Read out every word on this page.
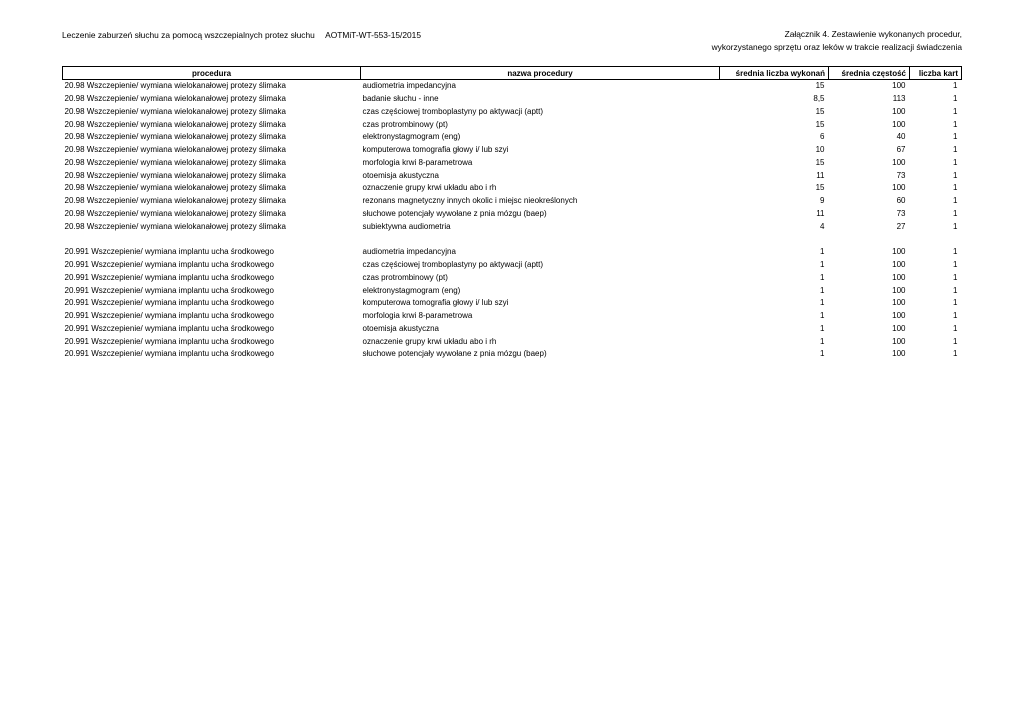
Leczenie zaburzeń słuchu za pomocą wszczepialnych protez słuchu AOTMiT-WT-553-15/2015	Załącznik 4. Zestawienie wykonanych procedur,
wykorzystanego sprzętu oraz leków w trakcie realizacji świadczenia
procedura	nazwa procedury	średnia liczba wykonań	średnia częstość	liczba kart
20.98 Wszczepienie/ wymiana wielokanałowej protezy ślimaka	audiometria impedancyjna	15	100	1
20.98 Wszczepienie/ wymiana wielokanałowej protezy ślimaka	badanie słuchu - inne	8,5	113	1
20.98 Wszczepienie/ wymiana wielokanałowej protezy ślimaka	czas częściowej tromboplastyny po aktywacji (aptt)	15	100	1
20.98 Wszczepienie/ wymiana wielokanałowej protezy ślimaka	czas protrombinowy (pt)	15	100	1
20.98 Wszczepienie/ wymiana wielokanałowej protezy ślimaka	elektronystagmogram (eng)	6	40	1
20.98 Wszczepienie/ wymiana wielokanałowej protezy ślimaka	komputerowa tomografia głowy i/ lub szyi	10	67	1
20.98 Wszczepienie/ wymiana wielokanałowej protezy ślimaka	morfologia krwi 8-parametrowa	15	100	1
20.98 Wszczepienie/ wymiana wielokanałowej protezy ślimaka	otoemisja akustyczna	11	73	1
20.98 Wszczepienie/ wymiana wielokanałowej protezy ślimaka	oznaczenie grupy krwi układu abo i rh	15	100	1
20.98 Wszczepienie/ wymiana wielokanałowej protezy ślimaka	rezonans magnetyczny innych okolic i miejsc nieokreślonych	9	60	1
20.98 Wszczepienie/ wymiana wielokanałowej protezy ślimaka	słuchowe potencjały wywołane z pnia mózgu (baep)	11	73	1
20.98 Wszczepienie/ wymiana wielokanałowej protezy ślimaka	subiektywna audiometria	4	27	1

20.991 Wszczepienie/ wymiana implantu ucha środkowego	audiometria impedancyjna	1	100	1
20.991 Wszczepienie/ wymiana implantu ucha środkowego	czas częściowej tromboplastyny po aktywacji (aptt)	1	100	1
20.991 Wszczepienie/ wymiana implantu ucha środkowego	czas protrombinowy (pt)	1	100	1
20.991 Wszczepienie/ wymiana implantu ucha środkowego	elektronystagmogram (eng)	1	100	1
20.991 Wszczepienie/ wymiana implantu ucha środkowego	komputerowa tomografia głowy i/ lub szyi	1	100	1
20.991 Wszczepienie/ wymiana implantu ucha środkowego	morfologia krwi 8-parametrowa	1	100	1
20.991 Wszczepienie/ wymiana implantu ucha środkowego	otoemisja akustyczna	1	100	1
20.991 Wszczepienie/ wymiana implantu ucha środkowego	oznaczenie grupy krwi układu abo i rh	1	100	1
20.991 Wszczepienie/ wymiana implantu ucha środkowego	słuchowe potencjały wywołane z pnia mózgu (baep)	1	100	1
